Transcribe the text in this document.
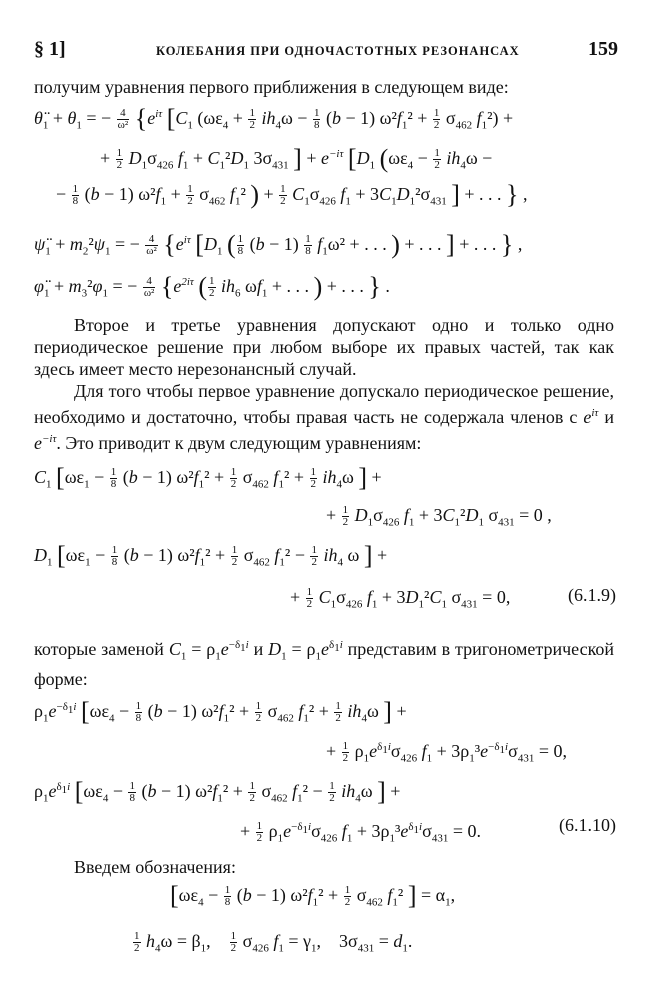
§ 1]	КОЛЕБАНИЯ ПРИ ОДНОЧАСТОТНЫХ РЕЗОНАНСАХ	159
получим уравнения первого приближения в следующем виде:
$\thetä_1 + \theta_1$ = − $\frac{4}{\text{ω²}} \{e^{i\tau}$ [$C_1$ ($\omega\varepsilon_4 + \frac{1}{2} ih_4\omega - \frac{1}{8} (b - 1) \omega^2f_1^2 + \frac{1}{2} \sigma_{462}$ $f_1^2$) +
+ $\frac{1}{2} D_1\sigma_{426}$ $f_1 + C_1^2D_1$ $3\sigma_{431}$ ] + $e^{-i\tau}$ [$D_1$ ($\omega\varepsilon_4 - \frac{1}{2} ih_4\omega$ −
− $\frac{1}{8} (b - 1) \omega^2f_1 + \frac{1}{2} \sigma_{462}$ $f_1^2$ ) + $\frac{1}{2} C_1\sigma_{426}$ $f_1 + 3C_1D_1^2\sigma_{431}$ ] + . . . } ,
$\psï_1 + m_2^2\psi_1$ = − $\frac{4}{\text{ω²}} \{e^{i\tau}$ [$D_1$ ( $\frac{1}{8} (b - 1) \frac{1}{8} f_1\omega^2$ + . . . ) + . . . ] + . . . } ,
$\varphï_1 + m_3^2\varphi_1$ = − $\frac{4}{\text{ω²}} \{e^{2i\tau}$ ( $\frac{1}{2} ih_6$ $\omega f_1$ + . . . ) + . . . } .
Второе и третье уравнения допускают одно и только одно периодическое решение при любом выборе их правых частей, так как здесь имеет место нерезонансный случай.
Для того чтобы первое уравнение допускало периодическое решение, необходимо и достаточно, чтобы правая часть не содержала членов с $e^{i\tau}$ и $e^{-i\tau}$. Это приводит к двум следующим уравнениям:
$C_1$ [$\omega\varepsilon_1 - \frac{1}{8} (b - 1) \omega^2f_1^2 + \frac{1}{2} \sigma_{462}$ $f_1^2 + \frac{1}{2} ih_4\omega$ ] +
+ $\frac{1}{2} D_1\sigma_{426}$ $f_1 + 3C_1^2D_1$ $\sigma_{431} = 0$ ,
$D_1$ [$\omega\varepsilon_1 - \frac{1}{8} (b - 1) \omega^2f_1^2 + \frac{1}{2} \sigma_{462}$ $f_1^2 - \frac{1}{2} ih_4$ ω ] +
+ $\frac{1}{2} C_1\sigma_{426}$ $f_1 + 3D_1^2C_1$ $\sigma_{431} = 0$,	(6.1.9)
которые заменой $C_1 = \rho_1e^{-\delta_1i}$ и $D_1 = \rho_1e^{\delta_1i}$ представим в тригонометрической форме:
$\rho_1e^{-\delta_1i}$ [$\omega\varepsilon_4 - \frac{1}{8} (b - 1) \omega^2f_1^2 + \frac{1}{2} \sigma_{462}$ $f_1^2 + \frac{1}{2} ih_4\omega$ ] +
+ $\frac{1}{2} \rho_1e^{\delta_1i}\sigma_{426}$ $f_1 + 3\rho_1^3e^{-\delta_1i}\sigma_{431} = 0$,
$\rho_1e^{\delta_1i}$ [$\omega\varepsilon_4 - \frac{1}{8} (b - 1) \omega^2f_1^2 + \frac{1}{2} \sigma_{462}$ $f_1^2 - \frac{1}{2} ih_4\omega$ ] +
+ $\frac{1}{2} \rho_1e^{-\delta_1i}\sigma_{426}$ $f_1 + 3\rho_1^3e^{\delta_1i}\sigma_{431} = 0$.	(6.1.10)
Введем обозначения:
[$\omega\varepsilon_4 - \frac{1}{8} (b - 1) \omega^2f_1^2 + \frac{1}{2} \sigma_{462}$ $f_1^2$ ] = $\alpha_1$,
$\frac{1}{2} h_4\omega = \beta_1$, $\frac{1}{2} \sigma_{426}$ $f_1 = \gamma_1$,    $3\sigma_{431} = d_1$.
